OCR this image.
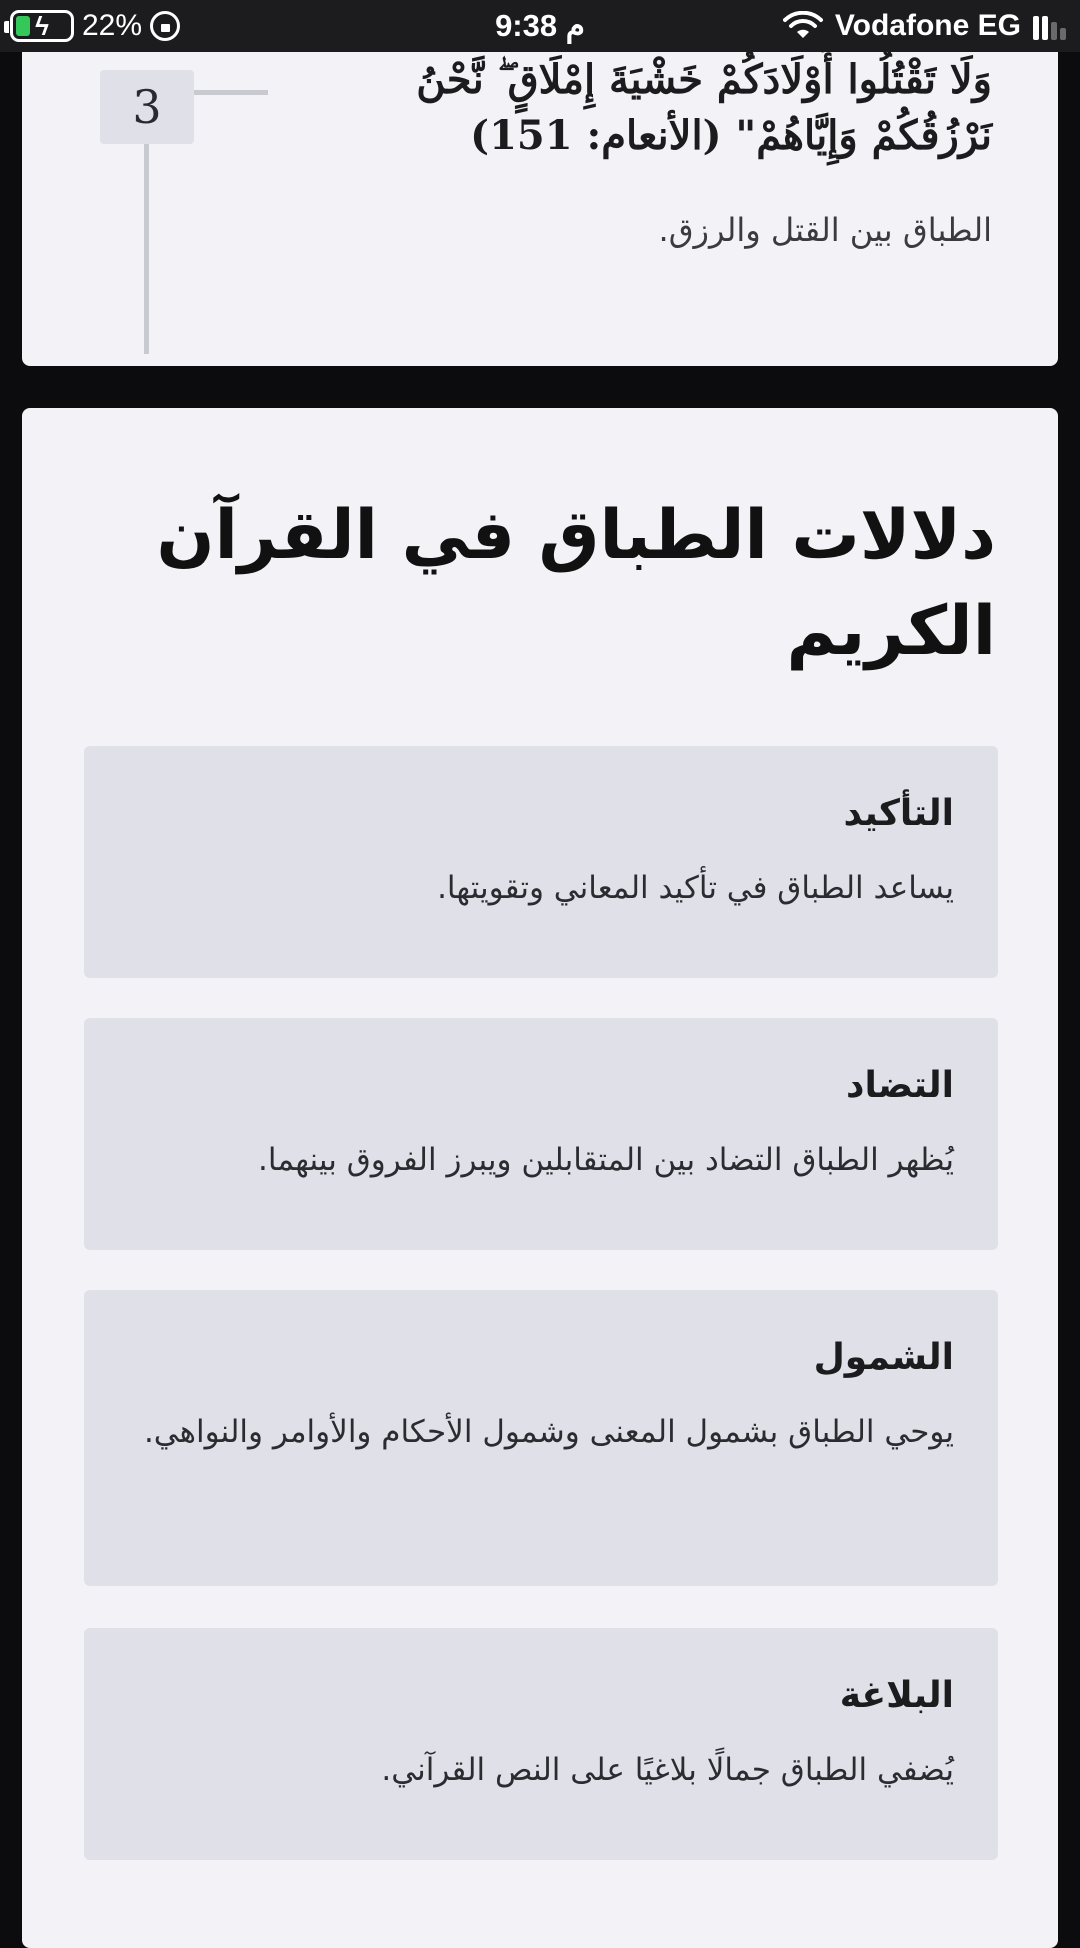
ϟ	22%	9:38 م	Vodafone EG
3
وَلَا تَقْتُلُوا أَوْلَادَكُمْ خَشْيَةَ إِمْلَاقٍ ۖ نَّحْنُ نَرْزُقُكُمْ وَإِيَّاهُمْ" (الأنعام: 151)
الطباق بين القتل والرزق.
دلالات الطباق في القرآن الكريم
التأكيد
يساعد الطباق في تأكيد المعاني وتقويتها.
التضاد
يُظهر الطباق التضاد بين المتقابلين ويبرز الفروق بينهما.
الشمول
يوحي الطباق بشمول المعنى وشمول الأحكام والأوامر والنواهي.
البلاغة
يُضفي الطباق جمالًا بلاغيًا على النص القرآني.
